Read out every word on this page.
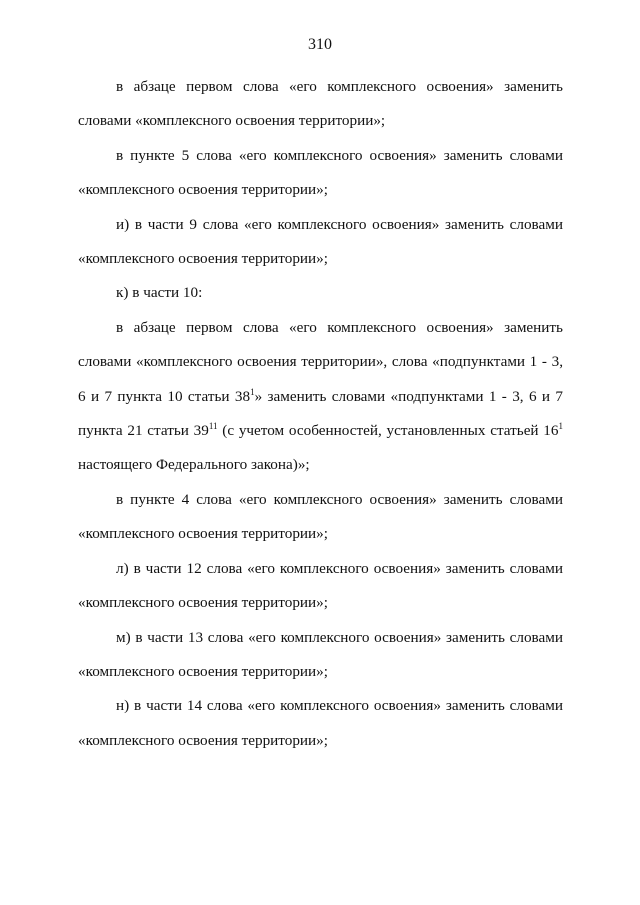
310

в абзаце первом слова «его комплексного освоения» заменить словами «комплексного освоения территории»;

в пункте 5 слова «его комплексного освоения» заменить словами «комплексного освоения территории»;

и) в части 9 слова «его комплексного освоения» заменить словами «комплексного освоения территории»;

к) в части 10:

в абзаце первом слова «его комплексного освоения» заменить словами «комплексного освоения территории», слова «подпунктами 1 - 3, 6 и 7 пункта 10 статьи $38^1$» заменить словами «подпунктами 1 - 3, 6 и 7 пункта 21 статьи $39^{11}$ (с учетом особенностей, установленных статьей $16^1$ настоящего Федерального закона)»;

в пункте 4 слова «его комплексного освоения» заменить словами «комплексного освоения территории»;

л) в части 12 слова «его комплексного освоения» заменить словами «комплексного освоения территории»;

м) в части 13 слова «его комплексного освоения» заменить словами «комплексного освоения территории»;

н) в части 14 слова «его комплексного освоения» заменить словами «комплексного освоения территории»;
